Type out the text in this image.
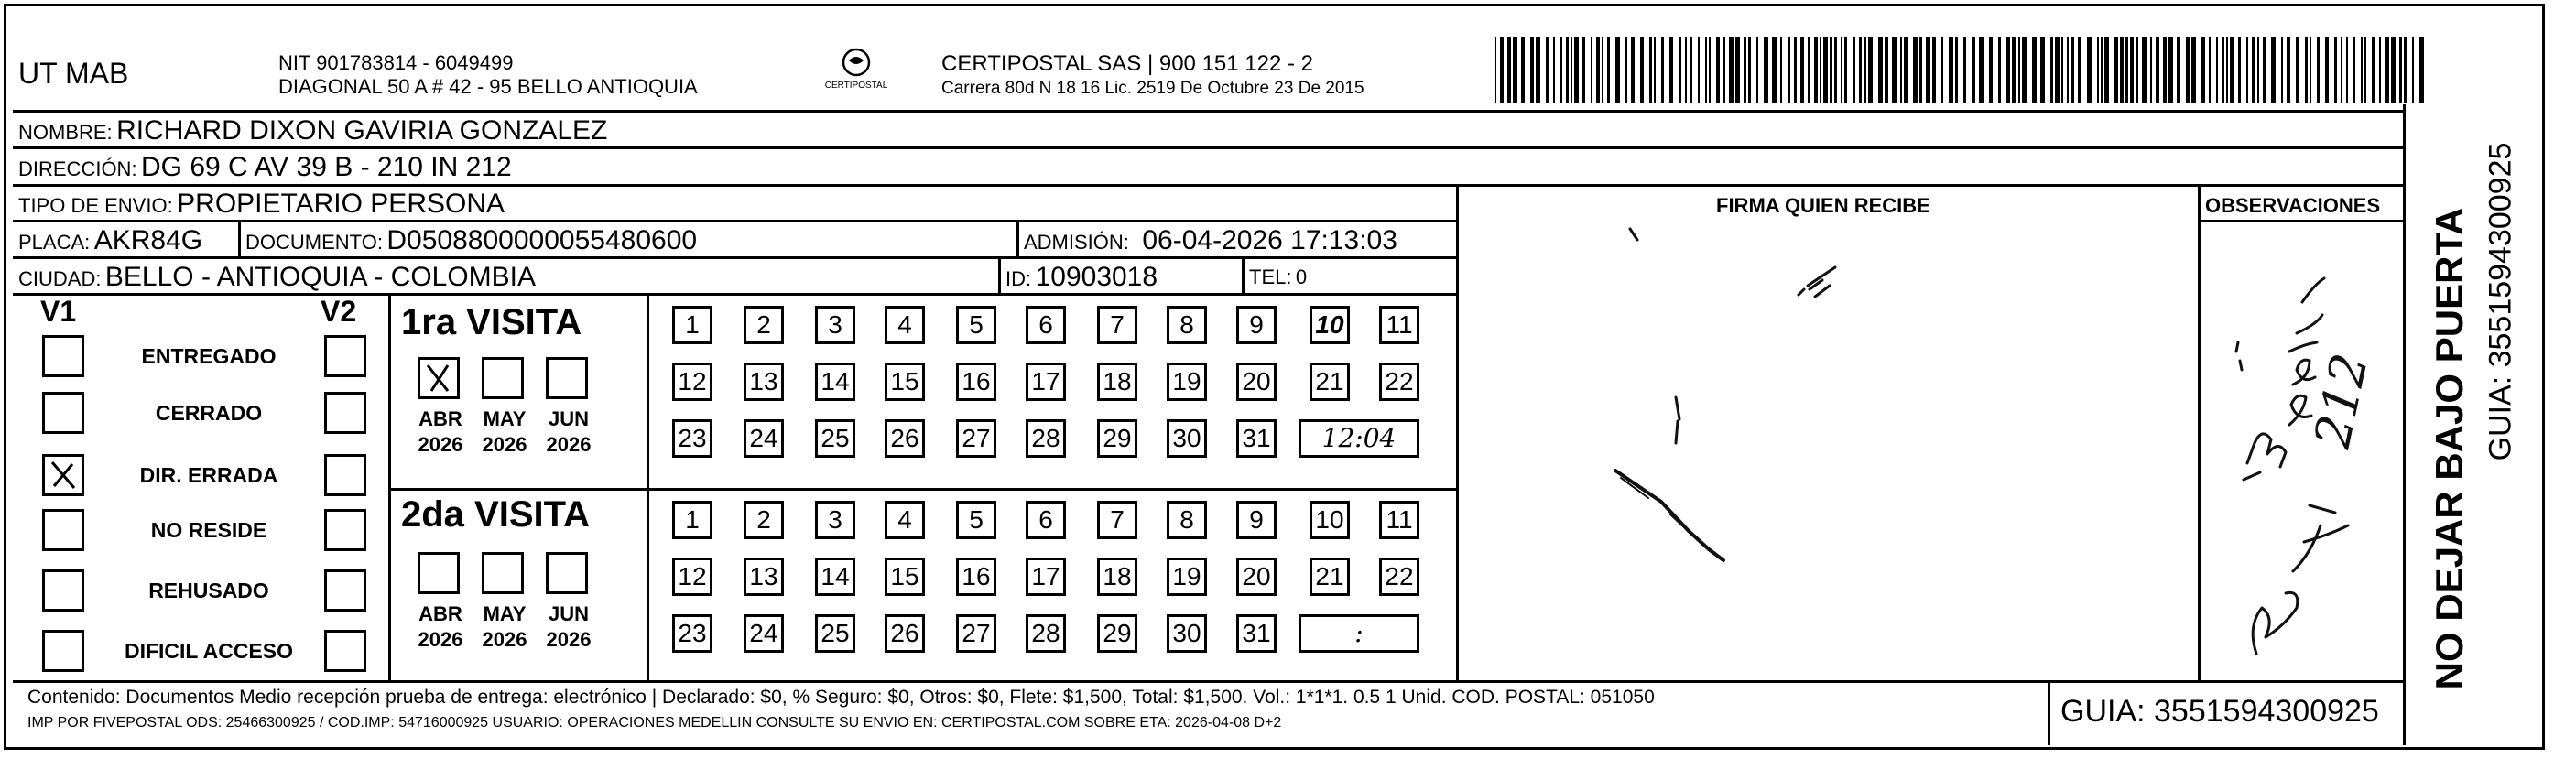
UT MAB	NIT 901783814 - 6049499
DIAGONAL 50 A # 42 - 95 BELLO ANTIOQUIA	CERTIPOSTAL
CERTIPOSTAL SAS | 900 151 122 - 2
Carrera 80d N 18 16 Lic. 2519 De Octubre 23 De 2015
NOMBRE: RICHARD DIXON GAVIRIA GONZALEZ
DIRECCIÓN: DG 69 C AV 39 B - 210 IN 212
TIPO DE ENVIO: PROPIETARIO PERSONA	FIRMA QUIEN RECIBE	OBSERVACIONES
PLACA: AKR84G DOCUMENTO: D0508800000055480600	ADMISIÓN: 06-04-2026 17:13:03
CIUDAD: BELLO - ANTIOQUIA - COLOMBIA	ID: 10903018	TEL: 0
V1	V2
ENTREGADO
CERRADO
DIR. ERRADA
NO RESIDE
REHUSADO
DIFICIL ACCESO
1ra VISITA
2da VISITA
ABR
2026
MAY
2026
JUN
2026
1	2	3	4	5	6	7	8	9	10 11
12 13 14 15 16 17 18 19 20 21 22
23 24 25 26 27 28 29 30 31	12:04
ABR
2026
MAY
2026
JUN
2026
1	2	3	4	5	6	7	8	9	10 11
12 13 14 15 16 17 18 19 20 21 22
23 24 25 26 27 28 29 30 31	:
212
Contenido: Documentos Medio recepción prueba de entrega: electrónico | Declarado: $0, % Seguro: $0, Otros: $0, Flete: $1,500, Total: $1,500. Vol.: 1*1*1. 0.5 1 Unid. COD. POSTAL: 051050
IMP POR FIVEPOSTAL ODS: 25466300925 / COD.IMP: 54716000925 USUARIO: OPERACIONES MEDELLIN CONSULTE SU ENVIO EN: CERTIPOSTAL.COM SOBRE ETA: 2026-04-08 D+2	GUIA: 3551594300925
NO DEJAR BAJO PUERTA GUIA: 3551594300925
